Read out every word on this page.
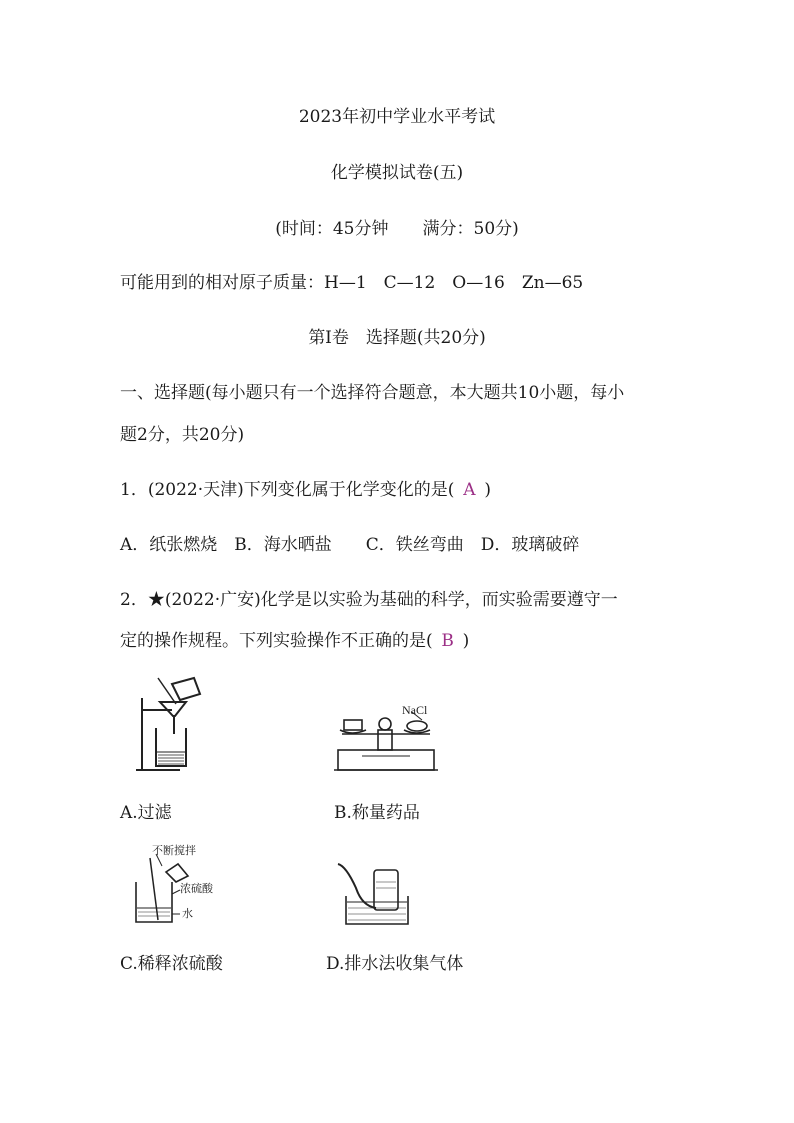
2023年初中学业水平考试
化学模拟试卷(五)
(时间：45分钟　　满分：50分)
可能用到的相对原子质量：H—1　C—12　O—16　Zn—65
第Ⅰ卷　选择题(共20分)
一、选择题(每小题只有一个选择符合题意，本大题共10小题，每小
题2分，共20分)
1．(2022·天津)下列变化属于化学变化的是( A )
A．纸张燃烧　B．海水晒盐　　C．铁丝弯曲　D．玻璃破碎
2．★(2022·广安)化学是以实验为基础的科学，而实验需要遵守一
定的操作规程。下列实验操作不正确的是( B )
A.过滤
NaCl
B.称量药品
不断搅拌
浓硫酸
水
C.稀释浓硫酸	D.排水法收集气体
